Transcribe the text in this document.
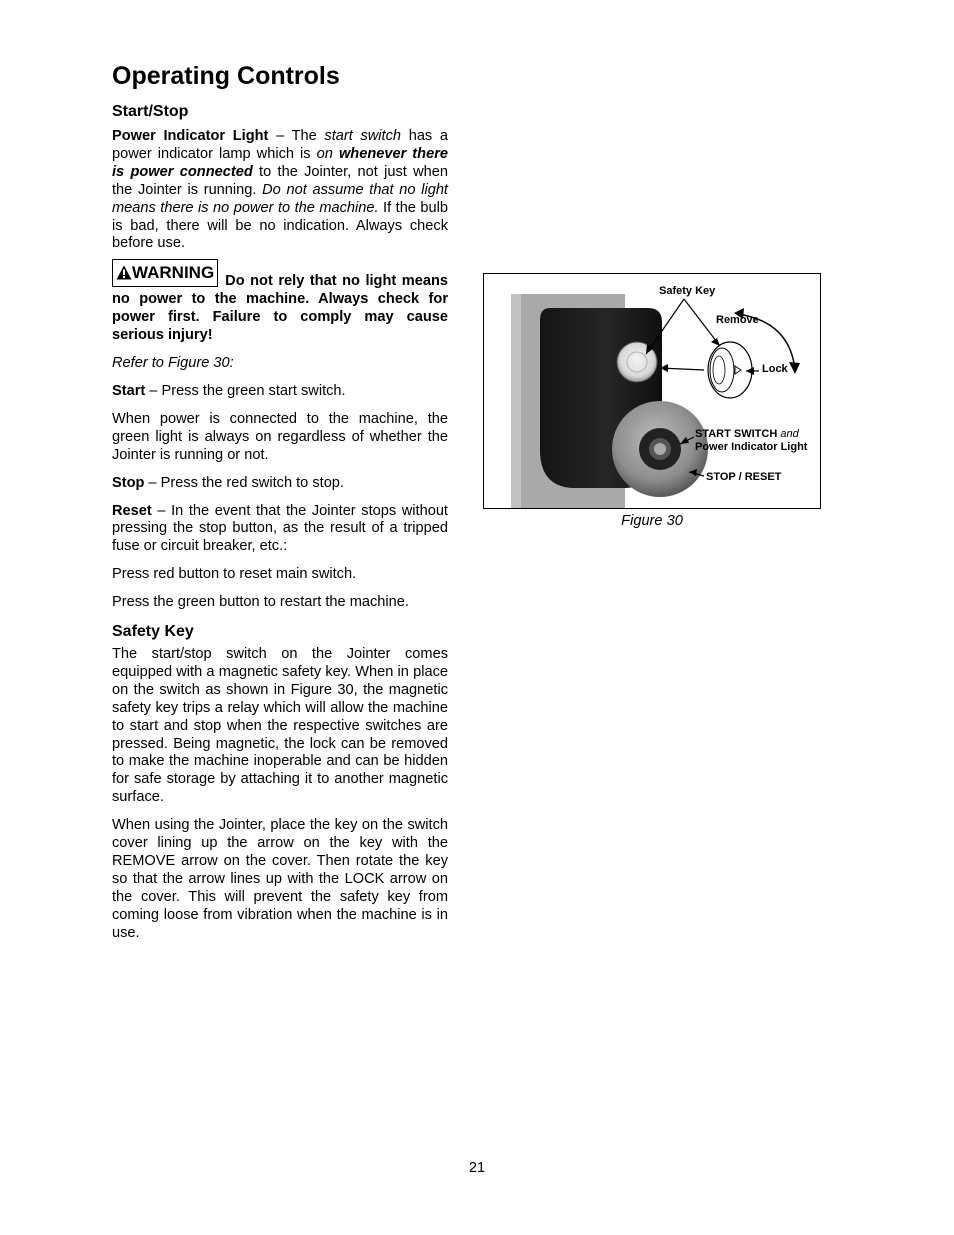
Operating Controls
Start/Stop

Power Indicator Light – The start switch has a power indicator lamp which is on whenever there is power connected to the Jointer, not just when the Jointer is running. Do not assume that no light means there is no power to the machine. If the bulb is bad, there will be no indication. Always check before use.

WARNING Do not rely that no light means no power to the machine. Always check for power first. Failure to comply may cause serious injury!

Refer to Figure 30:

Start – Press the green start switch.

When power is connected to the machine, the green light is always on regardless of whether the Jointer is running or not.

Stop – Press the red switch to stop.

Reset – In the event that the Jointer stops without pressing the stop button, as the result of a tripped fuse or circuit breaker, etc.:

Press red button to reset main switch.

Press the green button to restart the machine.

Safety Key

The start/stop switch on the Jointer comes equipped with a magnetic safety key. When in place on the switch as shown in Figure 30, the magnetic safety key trips a relay which will allow the machine to start and stop when the respective switches are pressed. Being magnetic, the lock can be removed to make the machine inoperable and can be hidden for safe storage by attaching it to another magnetic surface.

When using the Jointer, place the key on the switch cover lining up the arrow on the key with the REMOVE arrow on the cover. Then rotate the key so that the arrow lines up with the LOCK arrow on the cover. This will prevent the safety key from coming loose from vibration when the machine is in use.

Safety Key
Remove
Lock
START SWITCH and
Power Indicator Light
STOP / RESET
Figure 30
21
